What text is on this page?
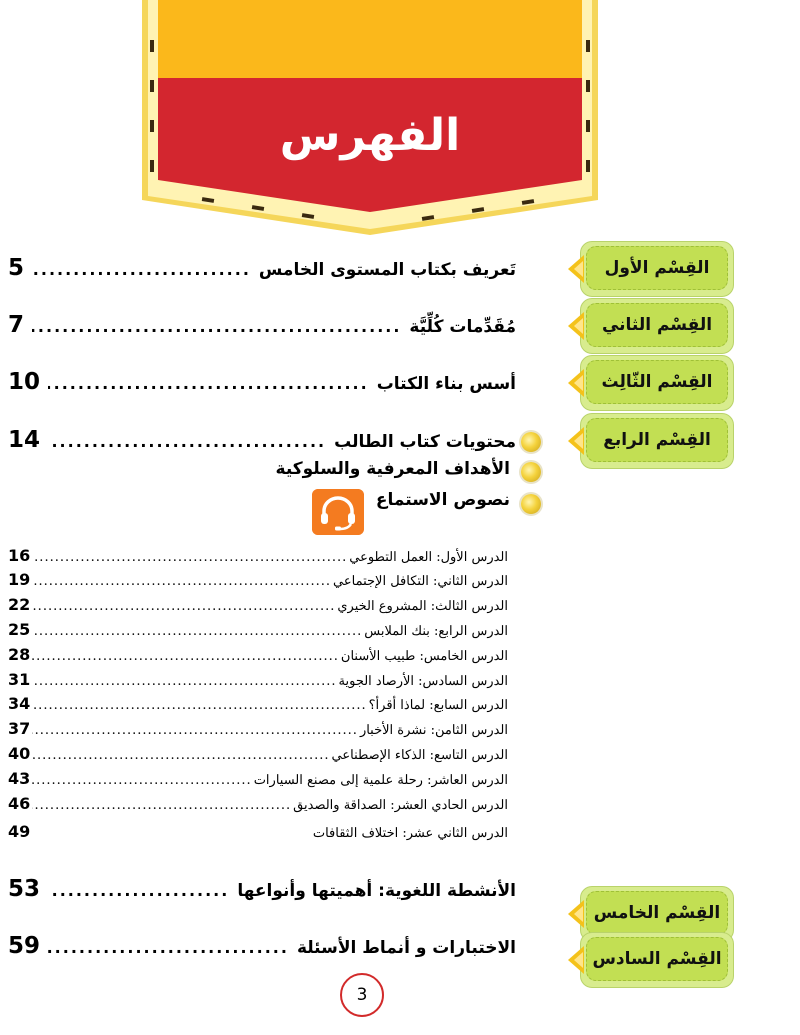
الفهرس
القِسْم الأول
القِسْم الثاني
القِسْم الثّالِث
القِسْم الرابع
القِسْم الخامس
القِسْم السادس
تَعريف بكتاب المستوى الخامس
.....
5
مُقَدِّمات كُلِّيَّة
.....
7
أسس بناء الكتاب
.....
10
محتويات كتاب الطالب
.....
14
الأهداف المعرفية والسلوكية
نصوص الاستماع
الدرس الأول: العمل التطوعي
.....
16
الدرس الثاني: التكافل الإجتماعي
.....
19
الدرس الثالث: المشروع الخيري
.....
22
الدرس الرابع: بنك الملابس
.....
25
الدرس الخامس: طبيب الأسنان
.....
28
الدرس السادس: الأرصاد الجوية
.....
31
الدرس السابع: لماذا أقرأ؟
.....
34
الدرس الثامن: نشرة الأخبار
.....
37
الدرس التاسع: الذكاء الإصطناعي
.....
40
الدرس العاشر: رحلة علمية إلى مصنع السيارات
.....
43
الدرس الحادي العشر: الصداقة والصديق
.....
46
الدرس الثاني عشر: اختلاف الثقافات
49
الأنشطة اللغوية: أهميتها وأنواعها
.....
53
الاختبارات و أنماط الأسئلة
.....
59
3
